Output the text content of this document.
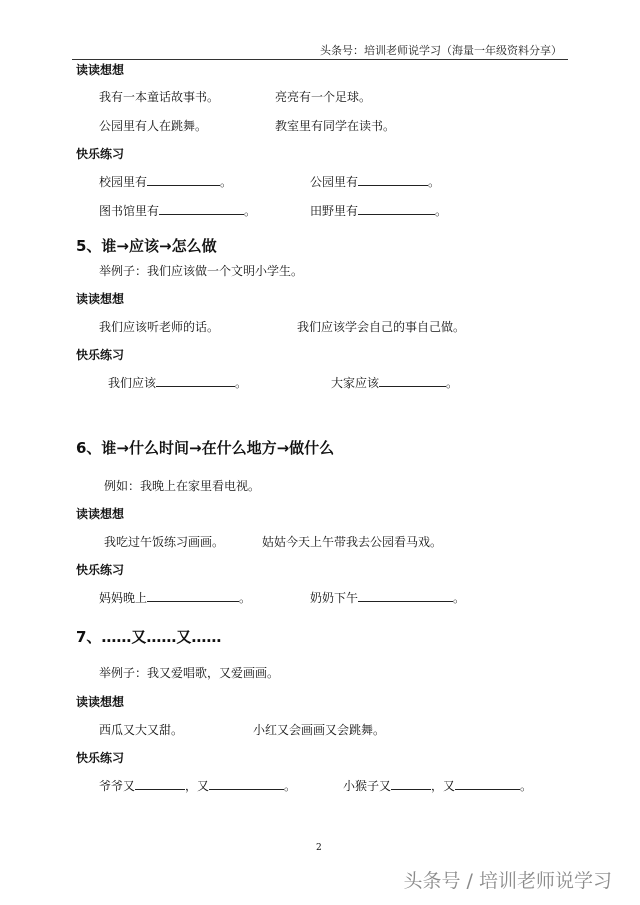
头条号：培训老师说学习（海量一年级资料分享）
读读想想
我有一本童话故事书。	亮亮有一个足球。
公园里有人在跳舞。	教室里有同学在读书。
快乐练习
校园里有	。	公园里有	。
图书馆里有	。	田野里有	。
5、谁→应该→怎么做
举例子：我们应该做一个文明小学生。
读读想想
我们应该听老师的话。	我们应该学会自己的事自己做。
快乐练习
我们应该	。	大家应该	。
6、谁→什么时间→在什么地方→做什么
例如：我晚上在家里看电视。
读读想想
我吃过午饭练习画画。	姑姑今天上午带我去公园看马戏。
快乐练习
妈妈晚上	。	奶奶下午	。
7、……又……又……
举例子：我又爱唱歌，又爱画画。
读读想想
西瓜又大又甜。	小红又会画画又会跳舞。
快乐练习
爷爷又	，又	。	小猴子又	，又	。
2
头条号 / 培训老师说学习
